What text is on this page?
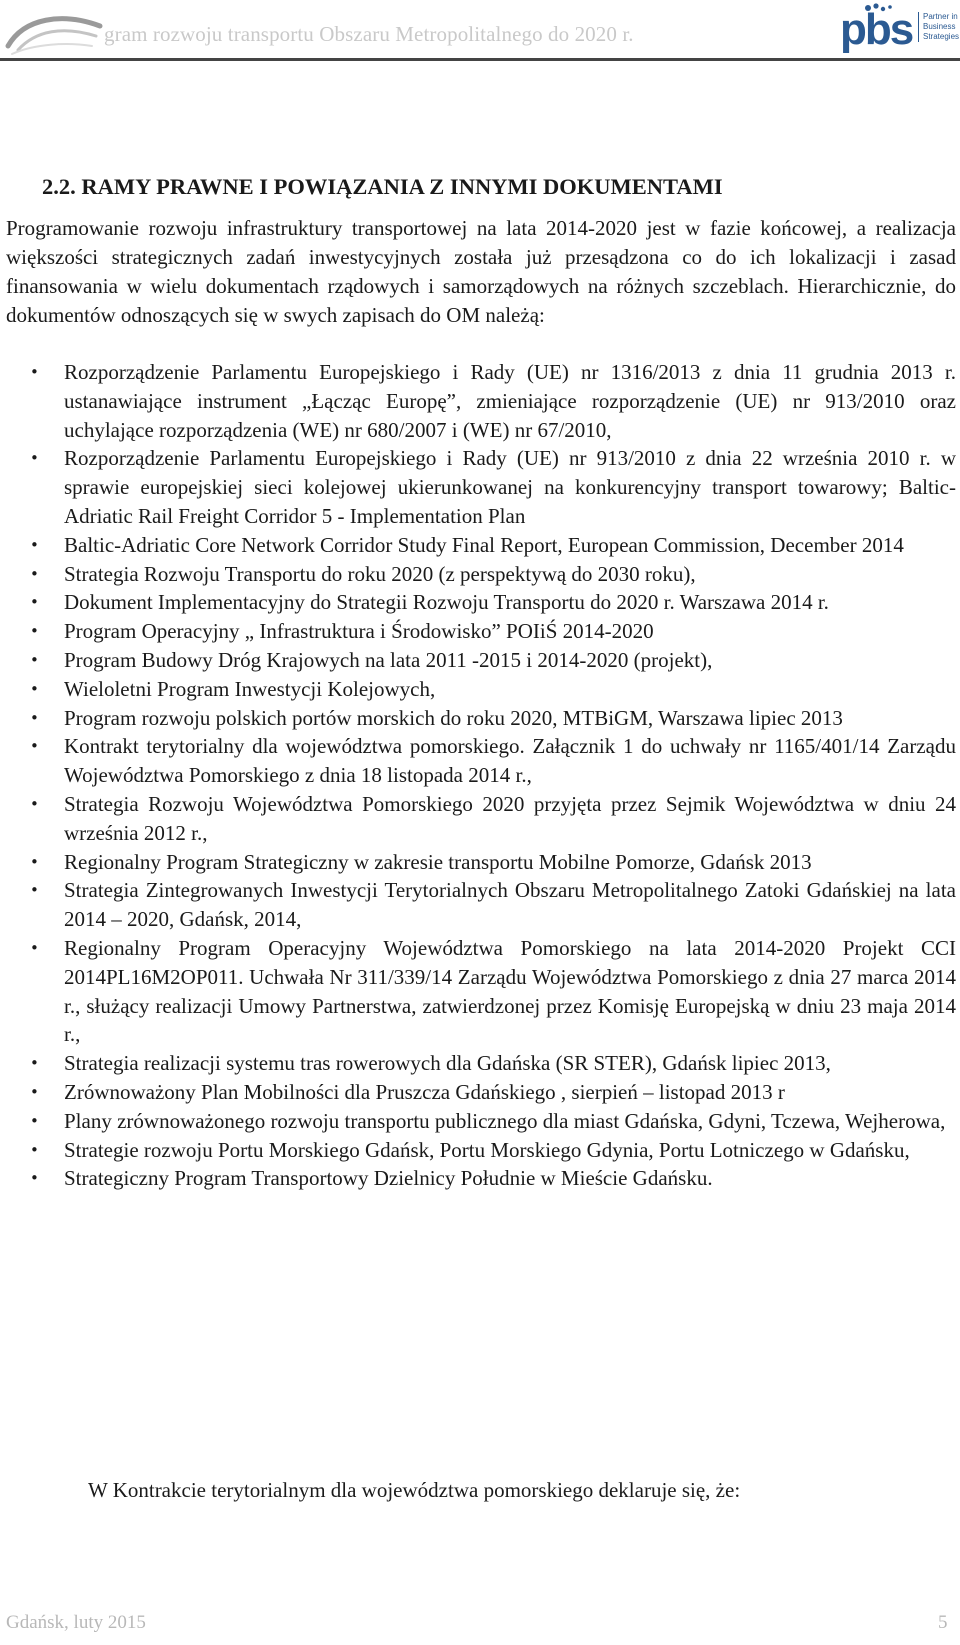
gram rozwoju transportu Obszaru Metropolitalnego do 2020 r.	pbs	Partner in Business Strategies
2.2. RAMY PRAWNE I POWIĄZANIA Z INNYMI DOKUMENTAMI

Programowanie rozwoju infrastruktury transportowej na lata 2014-2020 jest w fazie końcowej, a realizacja większości strategicznych zadań inwestycyjnych została już przesądzona co do ich lokalizacji i zasad finansowania w wielu dokumentach rządowych i samorządowych na różnych szczeblach. Hierarchicznie, do dokumentów odnoszących się w swych zapisach do OM należą:

• Rozporządzenie Parlamentu Europejskiego i Rady (UE) nr 1316/2013 z dnia 11 grudnia 2013 r. ustanawiające instrument „Łącząc Europę”, zmieniające rozporządzenie (UE) nr 913/2010 oraz uchylające rozporządzenia (WE) nr 680/2007 i (WE) nr 67/2010,
• Rozporządzenie Parlamentu Europejskiego i Rady (UE) nr 913/2010 z dnia 22 września 2010 r. w sprawie europejskiej sieci kolejowej ukierunkowanej na konkurencyjny transport towarowy; Baltic-Adriatic Rail Freight Corridor 5 - Implementation Plan
• Baltic-Adriatic Core Network Corridor Study Final Report, European Commission, December 2014
• Strategia Rozwoju Transportu do roku 2020 (z perspektywą do 2030 roku),
• Dokument Implementacyjny do Strategii Rozwoju Transportu do 2020 r. Warszawa 2014 r.
• Program Operacyjny „ Infrastruktura i Środowisko” POIiŚ 2014-2020
• Program Budowy Dróg Krajowych na lata 2011 -2015 i 2014-2020 (projekt),
• Wieloletni Program Inwestycji Kolejowych,
• Program rozwoju polskich portów morskich do roku 2020, MTBiGM, Warszawa lipiec 2013
• Kontrakt terytorialny dla województwa pomorskiego. Załącznik 1 do uchwały nr 1165/401/14 Zarządu Województwa Pomorskiego z dnia 18 listopada 2014 r.,
• Strategia Rozwoju Województwa Pomorskiego 2020 przyjęta przez Sejmik Województwa w dniu 24 września 2012 r.,
• Regionalny Program Strategiczny w zakresie transportu Mobilne Pomorze, Gdańsk 2013
• Strategia Zintegrowanych Inwestycji Terytorialnych Obszaru Metropolitalnego Zatoki Gdańskiej na lata 2014 – 2020, Gdańsk, 2014,
• Regionalny Program Operacyjny Województwa Pomorskiego na lata 2014-2020 Projekt CCI 2014PL16M2OP011. Uchwała Nr 311/339/14 Zarządu Województwa Pomorskiego z dnia 27 marca 2014 r., służący realizacji Umowy Partnerstwa, zatwierdzonej przez Komisję Europejską w dniu 23 maja 2014 r.,
• Strategia realizacji systemu tras rowerowych dla Gdańska (SR STER), Gdańsk lipiec 2013,
• Zrównoważony Plan Mobilności dla Pruszcza Gdańskiego , sierpień – listopad 2013 r
• Plany zrównoważonego rozwoju transportu publicznego dla miast Gdańska, Gdyni, Tczewa, Wejherowa,
• Strategie rozwoju Portu Morskiego Gdańsk, Portu Morskiego Gdynia, Portu Lotniczego w Gdańsku,
• Strategiczny Program Transportowy Dzielnicy Południe w Mieście Gdańsku.

W Kontrakcie terytorialnym dla województwa pomorskiego deklaruje się, że:

Gdańsk, luty 2015	5
